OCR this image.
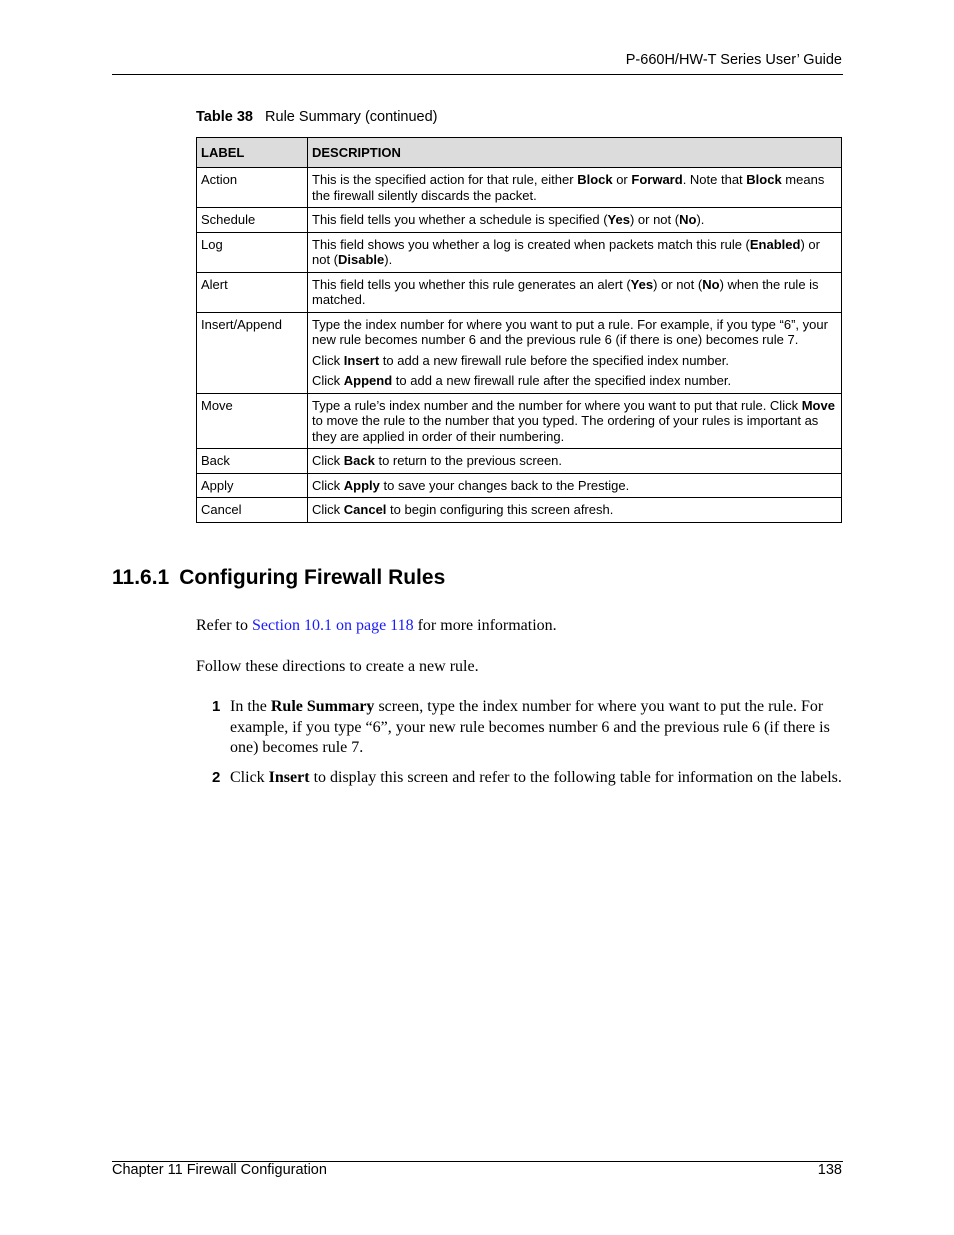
P-660H/HW-T Series User’ Guide
Table 38 Rule Summary (continued)
LABEL	DESCRIPTION
Action	This is the specified action for that rule, either Block or Forward. Note that Block means the firewall silently discards the packet.

Schedule	This field tells you whether a schedule is specified (Yes) or not (No).

Log	This field shows you whether a log is created when packets match this rule (Enabled) or not (Disable).

Alert	This field tells you whether this rule generates an alert (Yes) or not (No) when the rule is matched.

Insert/Append	Type the index number for where you want to put a rule. For example, if you type “6”, your new rule becomes number 6 and the previous rule 6 (if there is one) becomes rule 7.

Click Insert to add a new firewall rule before the specified index number.

Click Append to add a new firewall rule after the specified index number.

Move	Type a rule’s index number and the number for where you want to put that rule. Click Move to move the rule to the number that you typed. The ordering of your rules is important as they are applied in order of their numbering.

Back	Click Back to return to the previous screen.

Apply	Click Apply to save your changes back to the Prestige.

Cancel	Click Cancel to begin configuring this screen afresh.

11.6.1 Configuring Firewall Rules
Refer to Section 10.1 on page 118 for more information.
Follow these directions to create a new rule.
1 In the Rule Summary screen, type the index number for where you want to put the rule. For example, if you type “6”, your new rule becomes number 6 and the previous rule 6 (if there is one) becomes rule 7.
2 Click Insert to display this screen and refer to the following table for information on the labels.
Chapter 11 Firewall Configuration	138
